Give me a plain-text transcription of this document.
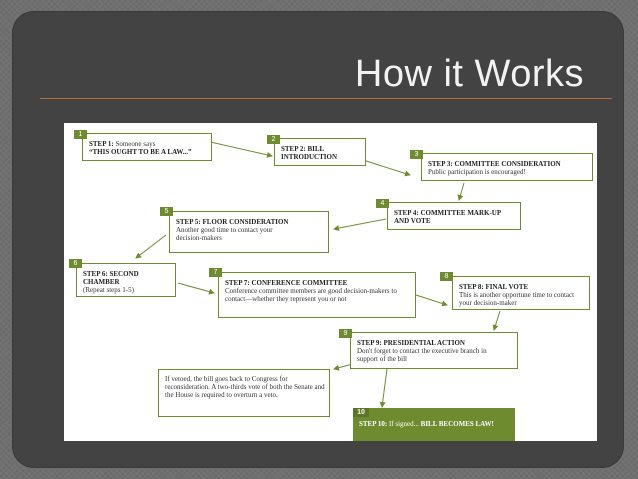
How it Works
STEP 1: Someone says
“THIS OUGHT TO BE A LAW...”
1
STEP 2: BILL
INTRODUCTION
2
STEP 3: COMMITTEE CONSIDERATION
Public participation is encouraged!
3
STEP 4: COMMITTEE MARK-UP
AND VOTE
4
STEP 5: FLOOR CONSIDERATION
Another good time to contact your decision-makers
5
STEP 6: SECOND CHAMBER
(Repeat steps 1-5)
6
STEP 7: CONFERENCE COMMITTEE
Conference committee members are good decision-makers to contact—whether they represent you or not
7
STEP 8: FINAL VOTE
This is another opportune time to contact your decision-maker
8
STEP 9: PRESIDENTIAL ACTION
Don't forget to contact the executive branch in support of the bill
9
If vetoed, the bill goes back to Congress for reconsideration. A two-thirds vote of both the Senate and the House is required to overturn a veto.
10
STEP 10: If signed... BILL BECOMES LAW!
